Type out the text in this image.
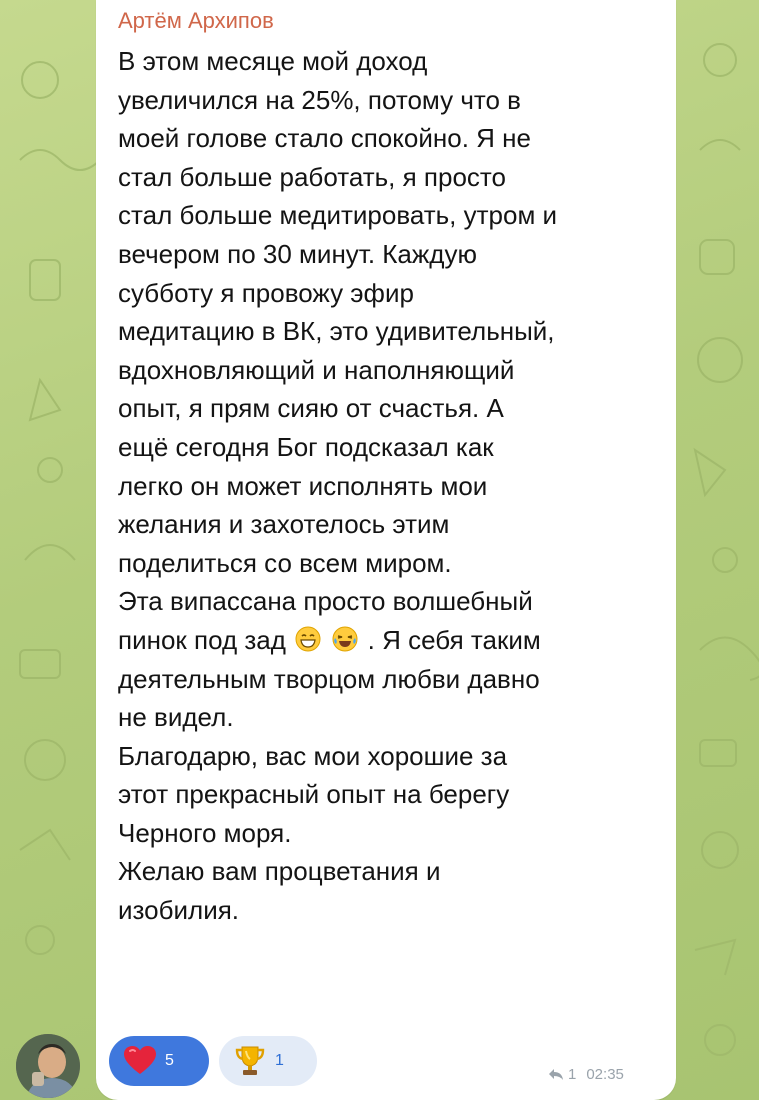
Артём Архипов
В этом месяце мой доход
увеличился на 25%, потому что в
моей голове стало спокойно. Я не
стал больше работать, я просто
стал больше медитировать, утром и
вечером по 30 минут. Каждую
субботу я провожу эфир
медитацию в ВК, это удивительный,
вдохновляющий и наполняющий
опыт, я прям сияю от счастья. А
ещё сегодня Бог подсказал как
легко он может исполнять мои
желания и захотелось этим
поделиться со всем миром.
Эта випассана просто волшебный
пинок под зад	. Я себя таким
деятельным творцом любви давно
не видел.
Благодарю, вас мои хорошие за
этот прекрасный опыт на берегу
Черного моря.
Желаю вам процветания и
изобилия.
5	1
1 02:35
